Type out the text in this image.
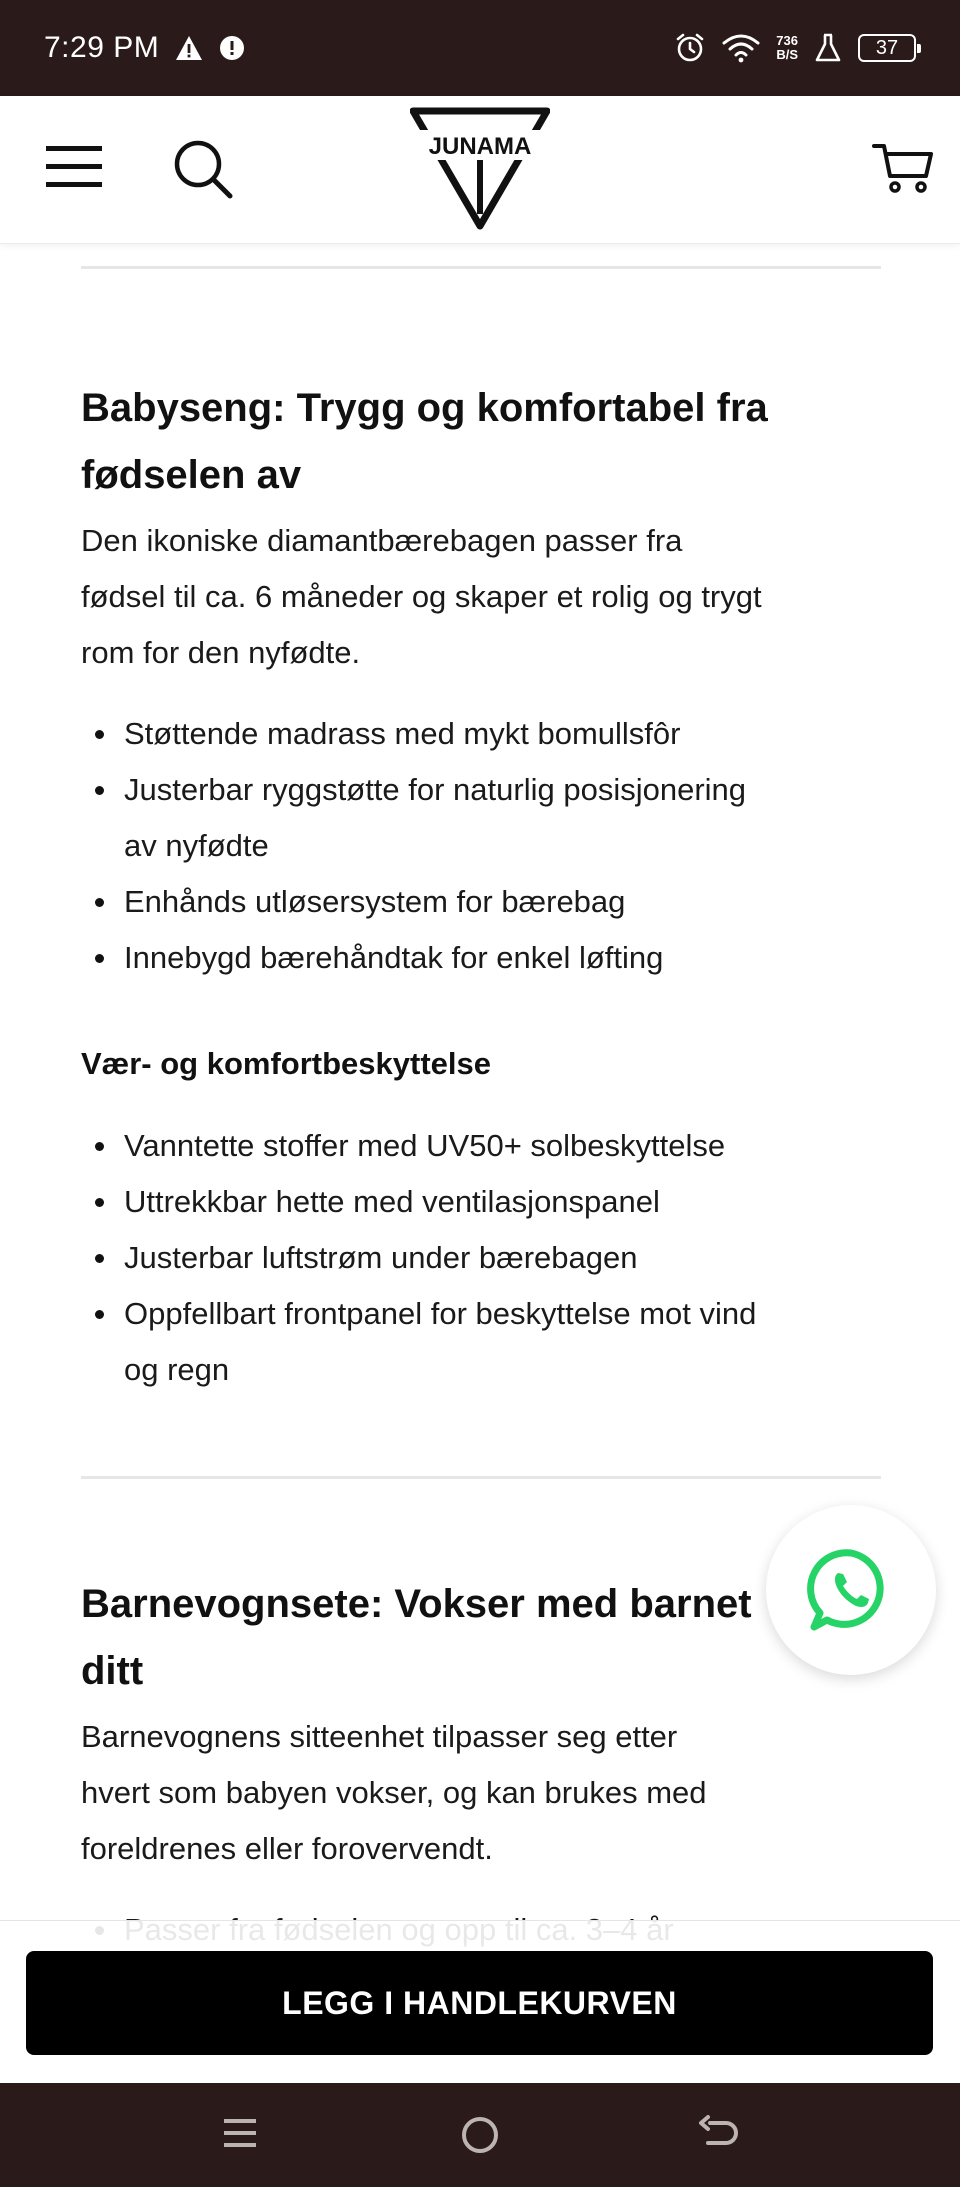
7:29 PM	736
B/S	37
JUNAMA
Babyseng: Trygg og komfortabel fra
fødselen av

Den ikoniske diamantbærebagen passer fra
fødsel til ca. 6 måneder og skaper et rolig og trygt
rom for den nyfødte.

Støttende madrass med mykt bomullsfôr
Justerbar ryggstøtte for naturlig posisjonering
av nyfødte
Enhånds utløsersystem for bærebag
Innebygd bærehåndtak for enkel løfting
Vær- og komfortbeskyttelse
Vanntette stoffer med UV50+ solbeskyttelse
Uttrekkbar hette med ventilasjonspanel
Justerbar luftstrøm under bærebagen
Oppfellbart frontpanel for beskyttelse mot vind
og regn
Barnevognsete: Vokser med barnet
ditt

Barnevognens sitteenhet tilpasser seg etter
hvert som babyen vokser, og kan brukes med
foreldrenes eller forovervendt.

LEGG I HANDLEKURVEN
